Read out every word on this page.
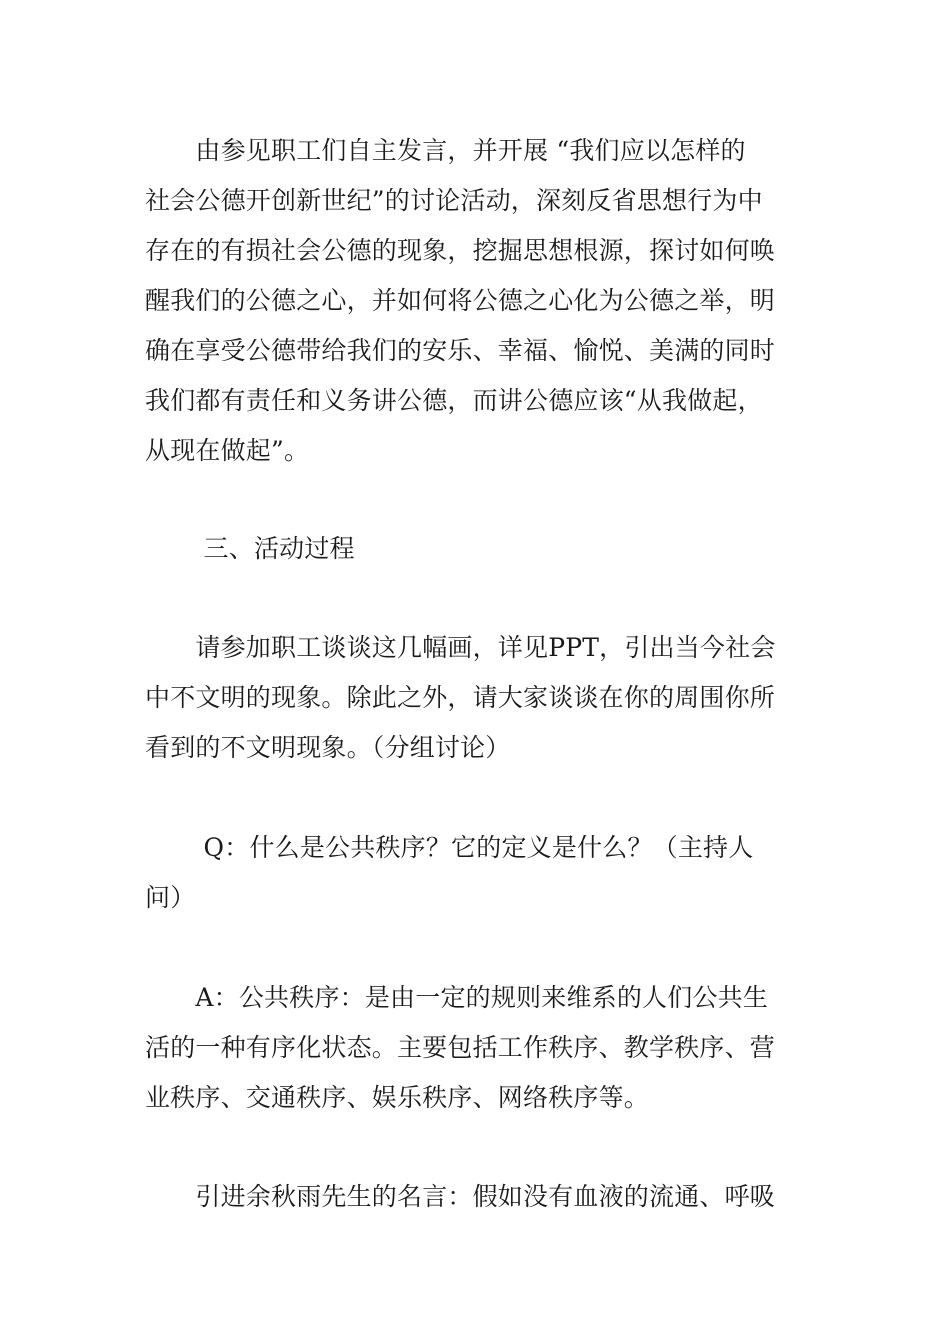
　　由参见职工们自主发言，并开展 “我们应以怎样的
社会公德开创新世纪”的讨论活动，深刻反省思想行为中
存在的有损社会公德的现象，挖掘思想根源，探讨如何唤
醒我们的公德之心，并如何将公德之心化为公德之举，明
确在享受公德带给我们的安乐、幸福、愉悦、美满的同时
我们都有责任和义务讲公德，而讲公德应该“从我做起，
从现在做起”。
　　 三、活动过程
　　请参加职工谈谈这几幅画，详见PPT，引出当今社会
中不文明的现象。除此之外，请大家谈谈在你的周围你所
看到的不文明现象。（分组讨论）
　　 Q：什么是公共秩序？它的定义是什么？（主持人
问）
　　A：公共秩序：是由一定的规则来维系的人们公共生
活的一种有序化状态。主要包括工作秩序、教学秩序、营
业秩序、交通秩序、娱乐秩序、网络秩序等。
　　引进余秋雨先生的名言：假如没有血液的流通、呼吸
